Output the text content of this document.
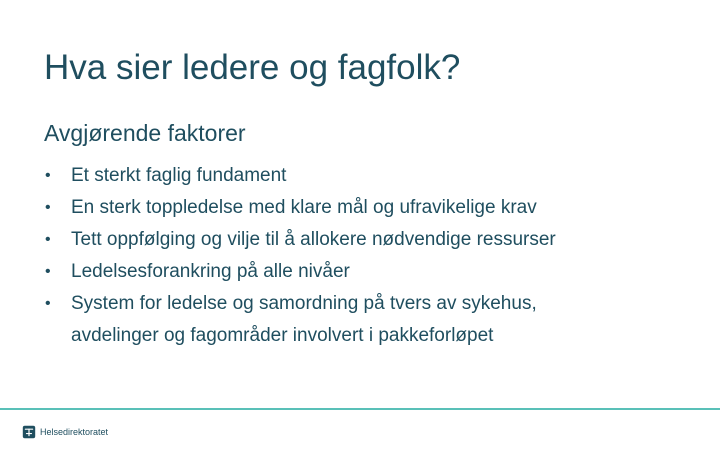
Hva sier ledere og fagfolk?
Avgjørende faktorer
• Et sterkt faglig fundament
• En sterk toppledelse med klare mål og ufravikelige krav
• Tett oppfølging og vilje til å allokere nødvendige ressurser
• Ledelsesforankring på alle nivåer
• System for ledelse og samordning på tvers av sykehus,
avdelinger og fagområder involvert i pakkeforløpet
Helsedirektoratet
